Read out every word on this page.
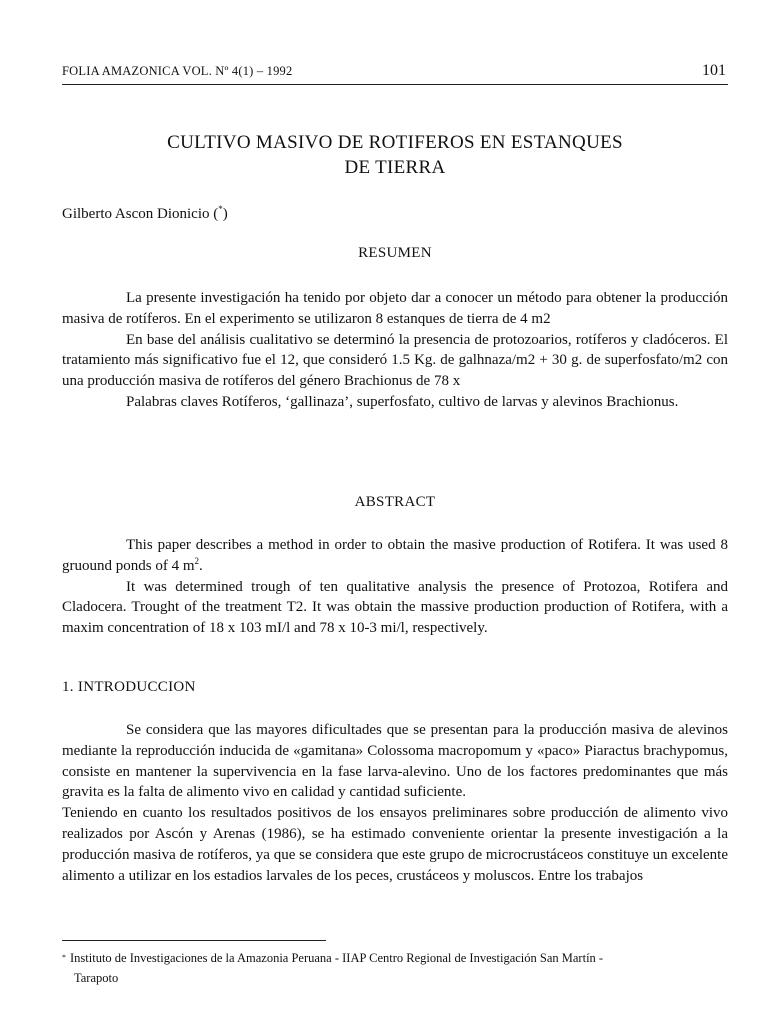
FOLIA AMAZONICA VOL. Nº 4(1) – 1992	101
CULTIVO MASIVO DE ROTIFEROS EN ESTANQUES
DE TIERRA
Gilberto Ascon Dionicio (*)
RESUMEN

La presente investigación ha tenido por objeto dar a conocer un método para obtener la producción masiva de rotíferos. En el experimento se utilizaron 8 estanques de tierra de 4 m2

En base del análisis cualitativo se determinó la presencia de protozoarios, rotíferos y cladóceros. El tratamiento más significativo fue el 12, que consideró 1.5 Kg. de galhnaza/m2 + 30 g. de superfosfato/m2 con una producción masiva de rotíferos del género Brachionus de 78 x

Palabras claves Rotíferos, ‘gallinaza’, superfosfato, cultivo de larvas y alevinos Brachionus.

ABSTRACT

This paper describes a method in order to obtain the masive production of Rotifera. It was used 8 gruound ponds of 4 $m^2$.

It was determined trough of ten qualitative analysis the presence of Protozoa, Rotifera and Cladocera. Trought of the treatment T2. It was obtain the massive production production of Rotifera, with a maxim concentration of 18 x 103 mI/l and 78 x 10-3 mi/l, respectively.

1. INTRODUCCION

Se considera que las mayores dificultades que se presentan para la producción masiva de alevinos mediante la reproducción inducida de «gamitana» Colossoma macropomum y «paco» Piaractus brachypomus, consiste en mantener la supervivencia en la fase larva-alevino. Uno de los factores predominantes que más gravita es la falta de alimento vivo en calidad y cantidad suficiente.

Teniendo en cuanto los resultados positivos de los ensayos preliminares sobre producción de alimento vivo realizados por Ascón y Arenas (1986), se ha estimado conveniente orientar la presente investigación a la producción masiva de rotíferos, ya que se considera que este grupo de microcrustáceos constituye un excelente alimento a utilizar en los estadios larvales de los peces, crustáceos y moluscos. Entre los trabajos

* Instituto de Investigaciones de la Amazonia Peruana - IIAP Centro Regional de Investigación San Martín -
Tarapoto
